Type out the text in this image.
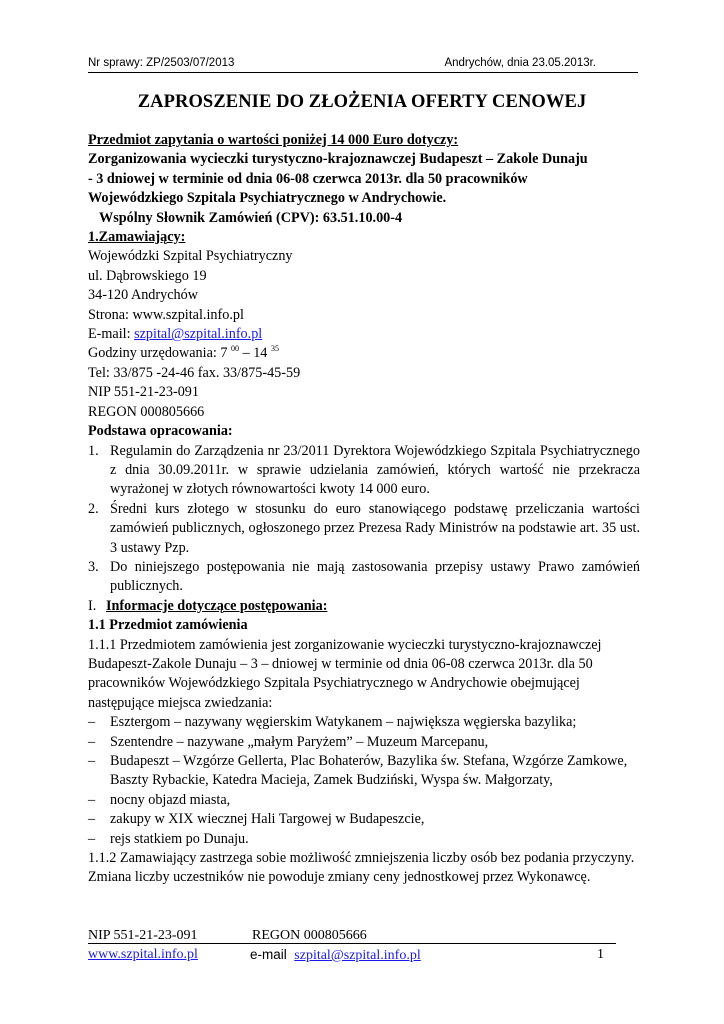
Nr sprawy: ZP/2503/07/2013	Andrychów, dnia 23.05.2013r.
ZAPROSZENIE DO ZŁOŻENIA OFERTY CENOWEJ

Przedmiot zapytania o wartości poniżej 14 000 Euro dotyczy:

Zorganizowania wycieczki turystyczno-krajoznawczej Budapeszt – Zakole Dunaju

- 3 dniowej w terminie od dnia 06-08 czerwca 2013r. dla 50 pracowników

Wojewódzkiego Szpitala Psychiatrycznego w Andrychowie.

Wspólny Słownik Zamówień (CPV): 63.51.10.00-4

1.Zamawiający:

Wojewódzki Szpital Psychiatryczny

ul. Dąbrowskiego 19

34-120 Andrychów

Strona: www.szpital.info.pl

E-mail: szpital@szpital.info.pl

Godziny urzędowania: 7 $^{00}$ – 14 $^{35}$

Tel: 33/875 -24-46 fax. 33/875-45-59

NIP 551-21-23-091

REGON 000805666

Podstawa opracowania:

1. Regulamin do Zarządzenia nr 23/2011 Dyrektora Wojewódzkiego Szpitala Psychiatrycznego z dnia 30.09.2011r. w sprawie udzielania zamówień, których wartość nie przekracza wyrażonej w złotych równowartości kwoty 14 000 euro.
2. Średni kurs złotego w stosunku do euro stanowiącego podstawę przeliczania wartości zamówień publicznych, ogłoszonego przez Prezesa Rady Ministrów na podstawie art. 35 ust. 3 ustawy Pzp.
3. Do niniejszego postępowania nie mają zastosowania przepisy ustawy Prawo zamówień publicznych.

I. Informacje dotyczące postępowania:

1.1 Przedmiot zamówienia

1.1.1 Przedmiotem zamówienia jest zorganizowanie wycieczki turystyczno-krajoznawczej Budapeszt-Zakole Dunaju – 3 – dniowej w terminie od dnia 06-08 czerwca 2013r. dla 50 pracowników Wojewódzkiego Szpitala Psychiatrycznego w Andrychowie obejmującej następujące miejsca zwiedzania:

– Esztergom – nazywany węgierskim Watykanem – największa węgierska bazylika;
– Szentendre – nazywane „małym Paryżem” – Muzeum Marcepanu,
– Budapeszt – Wzgórze Gellerta, Plac Bohaterów, Bazylika św. Stefana, Wzgórze Zamkowe, Baszty Rybackie, Katedra Macieja, Zamek Budziński, Wyspa św. Małgorzaty,
– nocny objazd miasta,
– zakupy w XIX wiecznej Hali Targowej w Budapeszcie,
– rejs statkiem po Dunaju.

1.1.2 Zamawiający zastrzega sobie możliwość zmniejszenia liczby osób bez podania przyczyny. Zmiana liczby uczestników nie powoduje zmiany ceny jednostkowej przez Wykonawcę.

NIP 551-21-23-091	REGON 000805666
www.szpital.info.pl	e-mail szpital@szpital.info.pl	1
